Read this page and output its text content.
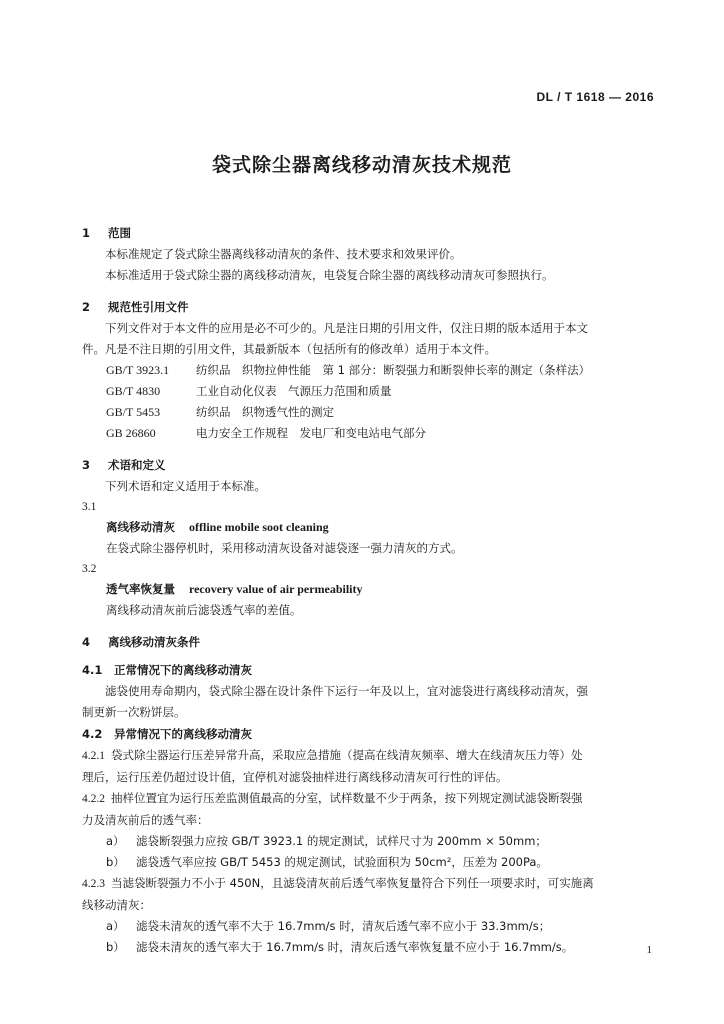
DL / T 1618 — 2016
袋式除尘器离线移动清灰技术规范
1 范围
本标准规定了袋式除尘器离线移动清灰的条件、技术要求和效果评价。
本标准适用于袋式除尘器的离线移动清灰，电袋复合除尘器的离线移动清灰可参照执行。
2 规范性引用文件
下列文件对于本文件的应用是必不可少的。凡是注日期的引用文件，仅注日期的版本适用于本文
件。凡是不注日期的引用文件，其最新版本（包括所有的修改单）适用于本文件。
GB/T 3923.1 纺织品　织物拉伸性能　第 1 部分：断裂强力和断裂伸长率的测定（条样法）
GB/T 4830	工业自动化仪表　气源压力范围和质量
GB/T 5453	纺织品　织物透气性的测定
GB 26860	电力安全工作规程　发电厂和变电站电气部分
3 术语和定义
下列术语和定义适用于本标准。
3.1
离线移动清灰 offline mobile soot cleaning
在袋式除尘器停机时，采用移动清灰设备对滤袋逐一强力清灰的方式。
3.2
透气率恢复量 recovery value of air permeability
离线移动清灰前后滤袋透气率的差值。
4 离线移动清灰条件
4.1 正常情况下的离线移动清灰
滤袋使用寿命期内，袋式除尘器在设计条件下运行一年及以上，宜对滤袋进行离线移动清灰，强
制更新一次粉饼层。
4.2 异常情况下的离线移动清灰
4.2.1 袋式除尘器运行压差异常升高，采取应急措施（提高在线清灰频率、增大在线清灰压力等）处
理后，运行压差仍超过设计值，宜停机对滤袋抽样进行离线移动清灰可行性的评估。
4.2.2 抽样位置宜为运行压差监测值最高的分室，试样数量不少于两条，按下列规定测试滤袋断裂强
力及清灰前后的透气率：
a） 滤袋断裂强力应按 GB/T 3923.1 的规定测试，试样尺寸为 200mm × 50mm；
b） 滤袋透气率应按 GB/T 5453 的规定测试，试验面积为 50cm²，压差为 200Pa。
4.2.3 当滤袋断裂强力不小于 450N，且滤袋清灰前后透气率恢复量符合下列任一项要求时，可实施离
线移动清灰：
a） 滤袋未清灰的透气率不大于 16.7mm/s 时，清灰后透气率不应小于 33.3mm/s；
b） 滤袋未清灰的透气率大于 16.7mm/s 时，清灰后透气率恢复量不应小于 16.7mm/s。	1
